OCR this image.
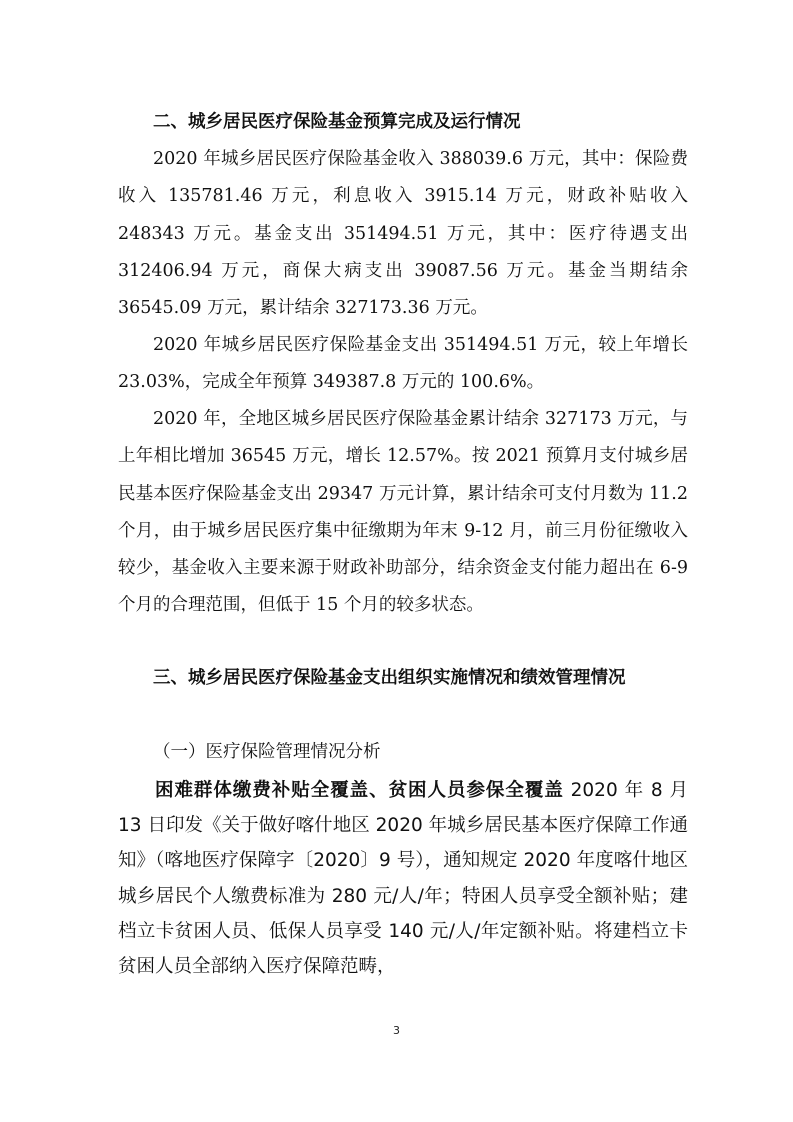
二、城乡居民医疗保险基金预算完成及运行情况

2020 年城乡居民医疗保险基金收入 388039.6 万元，其中：保险费收入 135781.46 万元，利息收入 3915.14 万元，财政补贴收入 248343 万元。基金支出 351494.51 万元，其中：医疗待遇支出 312406.94 万元，商保大病支出 39087.56 万元。基金当期结余 36545.09 万元，累计结余 327173.36 万元。

2020 年城乡居民医疗保险基金支出 351494.51 万元，较上年增长 23.03%，完成全年预算 349387.8 万元的 100.6%。

2020 年，全地区城乡居民医疗保险基金累计结余 327173 万元，与上年相比增加 36545 万元，增长 12.57%。按 2021 预算月支付城乡居民基本医疗保险基金支出 29347 万元计算，累计结余可支付月数为 11.2 个月，由于城乡居民医疗集中征缴期为年末 9-12 月，前三月份征缴收入较少，基金收入主要来源于财政补助部分，结余资金支付能力超出在 6-9 个月的合理范围，但低于 15 个月的较多状态。

三、城乡居民医疗保险基金支出组织实施情况和绩效管理情况

（一）医疗保险管理情况分析

困难群体缴费补贴全覆盖、贫困人员参保全覆盖 2020 年 8 月 13 日印发《关于做好喀什地区 2020 年城乡居民基本医疗保障工作通知》（喀地医疗保障字〔2020〕9 号），通知规定 2020 年度喀什地区城乡居民个人缴费标准为 280 元/人/年；特困人员享受全额补贴；建档立卡贫困人员、低保人员享受 140 元/人/年定额补贴。将建档立卡贫困人员全部纳入医疗保障范畴，

3
